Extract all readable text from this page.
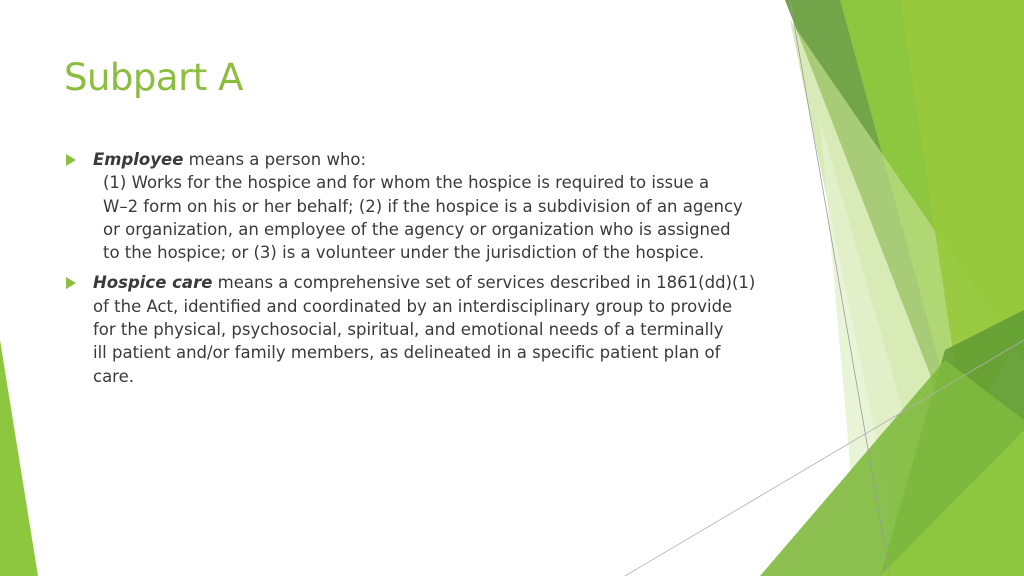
Subpart A
Employee means a person who:
(1) Works for the hospice and for whom the hospice is required to issue a
W–2 form on his or her behalf; (2) if the hospice is a subdivision of an agency
or organization, an employee of the agency or organization who is assigned
to the hospice; or (3) is a volunteer under the jurisdiction of the hospice.
Hospice care means a comprehensive set of services described in 1861(dd)(1)
of the Act, identified and coordinated by an interdisciplinary group to provide
for the physical, psychosocial, spiritual, and emotional needs of a terminally
ill patient and/or family members, as delineated in a specific patient plan of
care.
